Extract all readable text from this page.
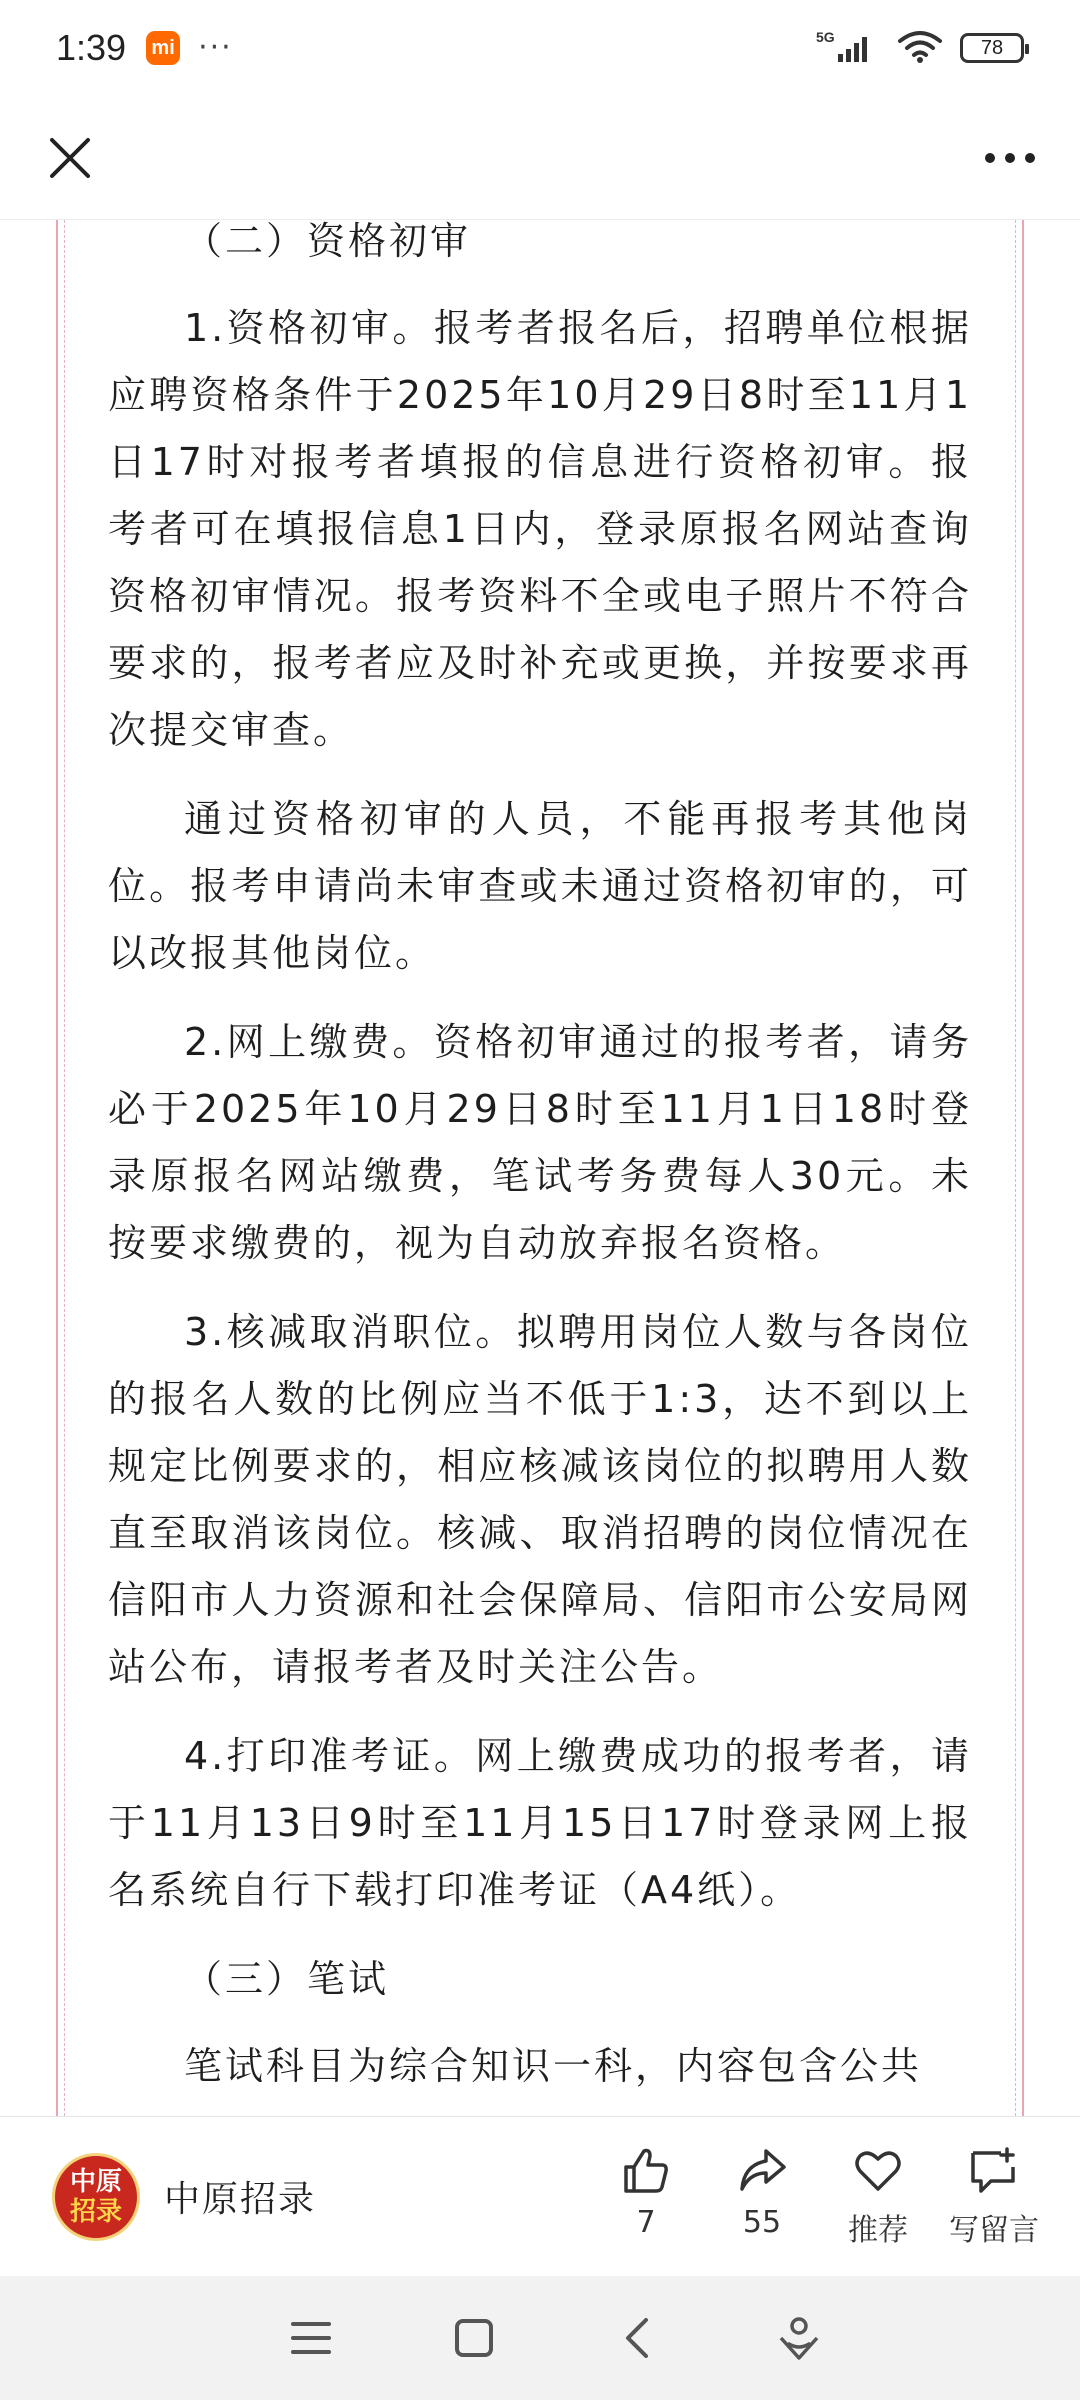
1:39 mi ···	5G	78
（二）资格初审

1.资格初审。报考者报名后，招聘单位根据应聘资格条件于2025年10月29日8时至11月1日17时对报考者填报的信息进行资格初审。报考者可在填报信息1日内，登录原报名网站查询资格初审情况。报考资料不全或电子照片不符合要求的，报考者应及时补充或更换，并按要求再次提交审查。

通过资格初审的人员，不能再报考其他岗位。报考申请尚未审查或未通过资格初审的，可以改报其他岗位。

2.网上缴费。资格初审通过的报考者，请务必于2025年10月29日8时至11月1日18时登录原报名网站缴费，笔试考务费每人30元。未按要求缴费的，视为自动放弃报名资格。

3.核减取消职位。拟聘用岗位人数与各岗位的报名人数的比例应当不低于1:3，达不到以上规定比例要求的，相应核减该岗位的拟聘用人数直至取消该岗位。核减、取消招聘的岗位情况在信阳市人力资源和社会保障局、信阳市公安局网站公布，请报考者及时关注公告。

4.打印准考证。网上缴费成功的报考者，请于11月13日9时至11月15日17时登录网上报名系统自行下载打印准考证（A4纸）。

（三）笔试

笔试科目为综合知识一科，内容包含公共

中原
招录 中原招录
7	55 推荐 写留言
